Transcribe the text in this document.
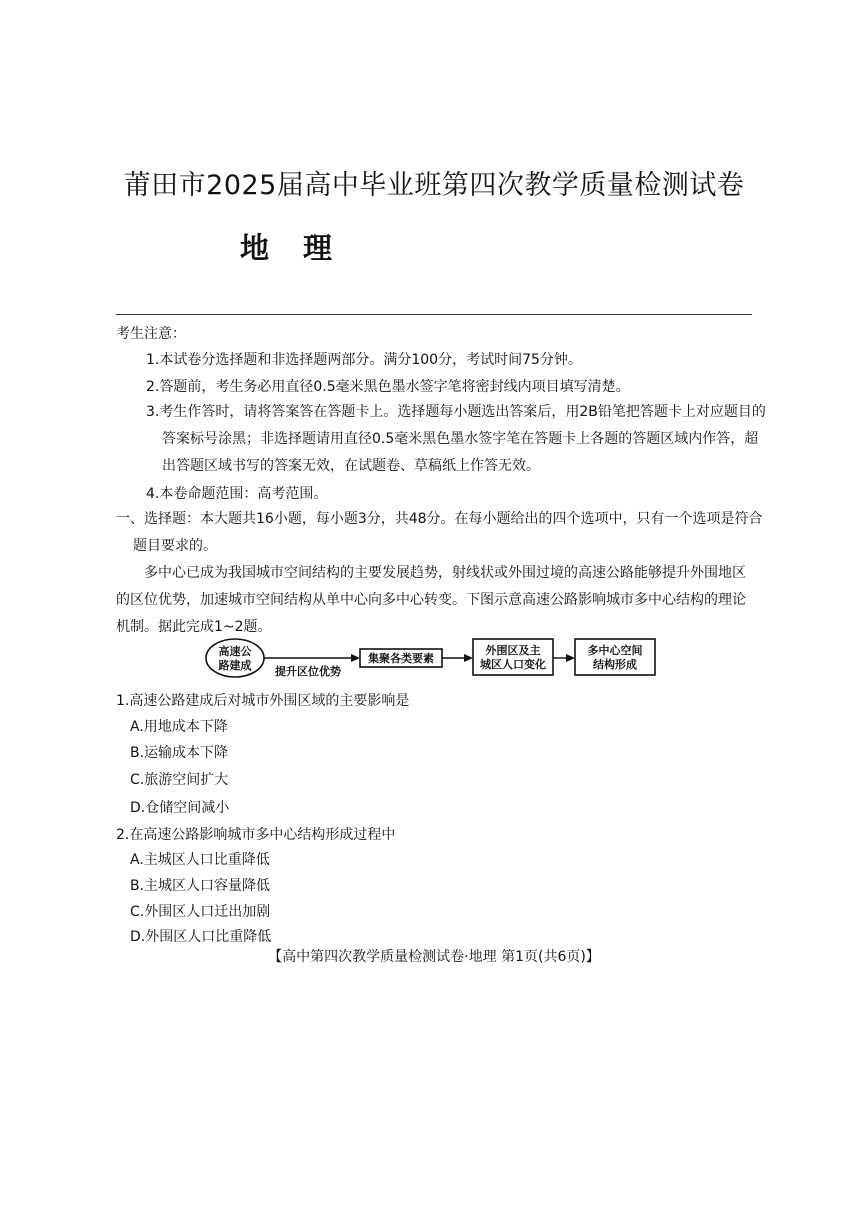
莆田市2025届高中毕业班第四次教学质量检测试卷
地理
考生注意：
1.本试卷分选择题和非选择题两部分。满分100分，考试时间75分钟。
2.答题前，考生务必用直径0.5毫米黑色墨水签字笔将密封线内项目填写清楚。
3.考生作答时，请将答案答在答题卡上。选择题每小题选出答案后，用2B铅笔把答题卡上对应题目的答案标号涂黑；非选择题请用直径0.5毫米黑色墨水签字笔在答题卡上各题的答题区域内作答，超出答题区域书写的答案无效，在试题卷、草稿纸上作答无效。
4.本卷命题范围：高考范围。
一、选择题：本大题共16小题，每小题3分，共48分。在每小题给出的四个选项中，只有一个选项是符合题目要求的。
多中心已成为我国城市空间结构的主要发展趋势，射线状或外围过境的高速公路能够提升外围地区的区位优势，加速城市空间结构从单中心向多中心转变。下图示意高速公路影响城市多中心结构的理论机制。据此完成1~2题。
高速公
路建成 提升区位优势
集聚各类要素
外围区及主
城区人口变化
多中心空间
结构形成
1.高速公路建成后对城市外围区域的主要影响是
A.用地成本下降
B.运输成本下降
C.旅游空间扩大
D.仓储空间减小
2.在高速公路影响城市多中心结构形成过程中
A.主城区人口比重降低
B.主城区人口容量降低
C.外围区人口迁出加剧
D.外围区人口比重降低
【高中第四次教学质量检测试卷·地理 第1页(共6页)】
